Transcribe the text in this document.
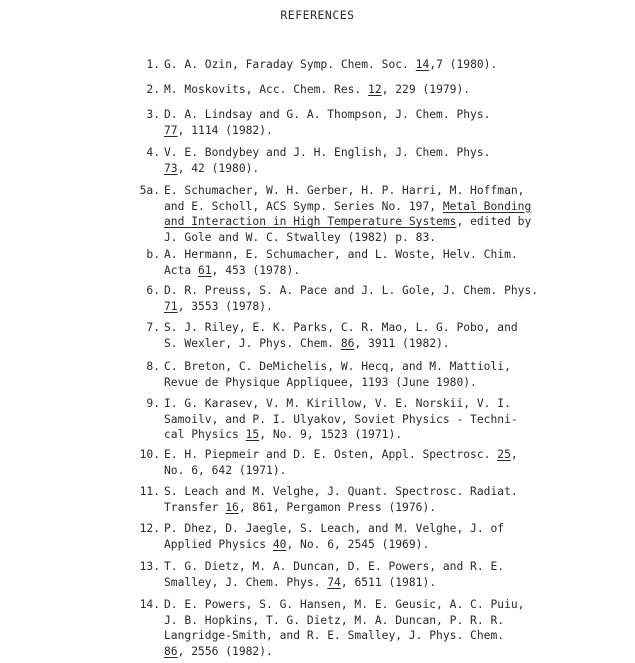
REFERENCES
1. G. A. Ozin, Faraday Symp. Chem. Soc. 14,7 (1980).
2. M. Moskovits, Acc. Chem. Res. 12, 229 (1979).
3. D. A. Lindsay and G. A. Thompson, J. Chem. Phys.
77, 1114 (1982).
4. V. E. Bondybey and J. H. English, J. Chem. Phys.
73, 42 (1980).
5a. E. Schumacher, W. H. Gerber, H. P. Harri, M. Hoffman,
and E. Scholl, ACS Symp. Series No. 197, Metal Bonding
and Interaction in High Temperature Systems, edited by
J. Gole and W. C. Stwalley (1982) p. 83.
b. A. Hermann, E. Schumacher, and L. Woste, Helv. Chim.
Acta 61, 453 (1978).
6. D. R. Preuss, S. A. Pace and J. L. Gole, J. Chem. Phys.
71, 3553 (1978).
7. S. J. Riley, E. K. Parks, C. R. Mao, L. G. Pobo, and
S. Wexler, J. Phys. Chem. 86, 3911 (1982).
8. C. Breton, C. DeMichelis, W. Hecq, and M. Mattioli,
Revue de Physique Appliquee, 1193 (June 1980).
9. I. G. Karasev, V. M. Kirillow, V. E. Norskii, V. I.
Samoilv, and P. I. Ulyakov, Soviet Physics - Techni-
cal Physics 15, No. 9, 1523 (1971).
10. E. H. Piepmeir and D. E. Osten, Appl. Spectrosc. 25,
No. 6, 642 (1971).
11. S. Leach and M. Velghe, J. Quant. Spectrosc. Radiat.
Transfer 16, 861, Pergamon Press (1976).
12. P. Dhez, D. Jaegle, S. Leach, and M. Velghe, J. of
Applied Physics 40, No. 6, 2545 (1969).
13. T. G. Dietz, M. A. Duncan, D. E. Powers, and R. E.
Smalley, J. Chem. Phys. 74, 6511 (1981).
14. D. E. Powers, S. G. Hansen, M. E. Geusic, A. C. Puiu,
J. B. Hopkins, T. G. Dietz, M. A. Duncan, P. R. R.
Langridge-Smith, and R. E. Smalley, J. Phys. Chem.
86, 2556 (1982).
